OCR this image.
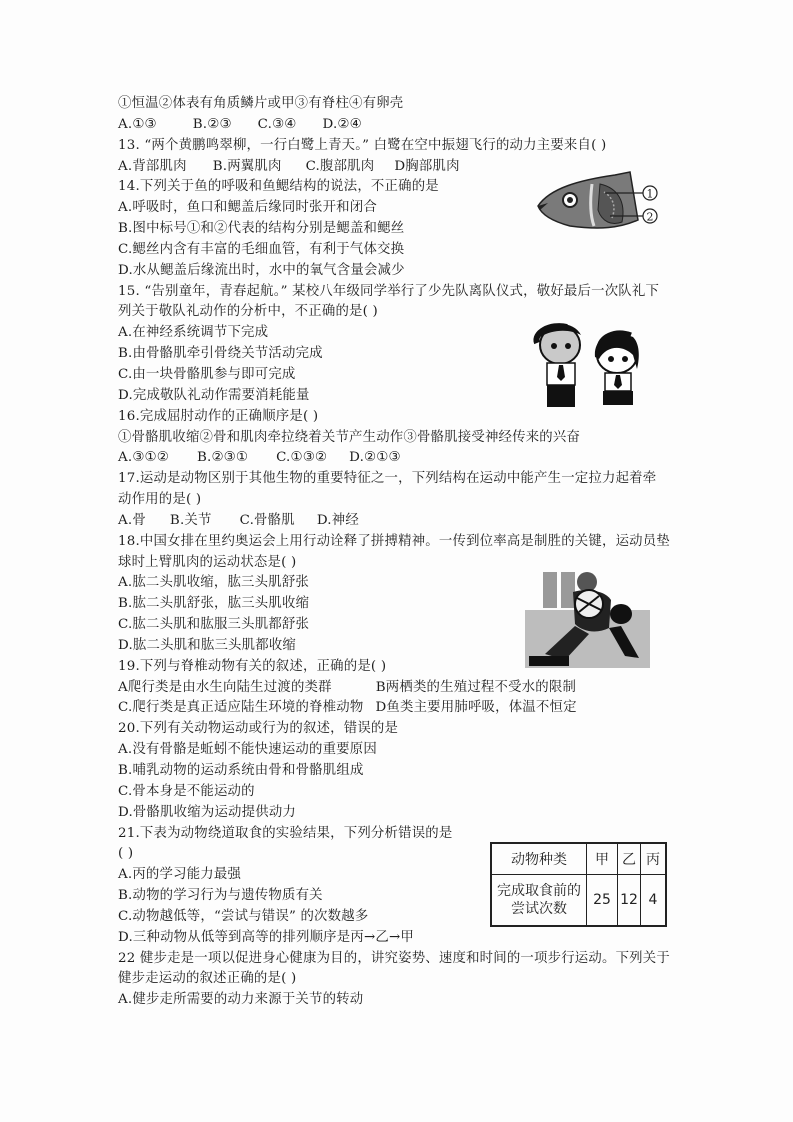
①恒温②体表有角质鳞片或甲③有脊柱④有卵壳
A.①③	B.②③ C.③④ D.②④
13. “两个黄鹏鸣翠柳，一行白鹭上青天。” 白鹭在空中振翅飞行的动力主要来自( )
A.背部肌肉 B.两翼肌肉 C.腹部肌肉 D胸部肌肉
14.下列关于鱼的呼吸和鱼鳃结构的说法，不正确的是
A.呼吸时，鱼口和鳃盖后缘同时张开和闭合
B.图中标号①和②代表的结构分别是鳃盖和鳃丝
C.鳃丝内含有丰富的毛细血管，有利于气体交换
D.水从鳃盖后缘流出时，水中的氧气含量会减少
15. “告别童年，青春起航。” 某校八年级同学举行了少先队离队仪式，敬好最后一次队礼下
列关于敬队礼动作的分析中，不正确的是( )
A.在神经系统调节下完成
B.由骨骼肌牵引骨绕关节活动完成
C.由一块骨骼肌参与即可完成
D.完成敬队礼动作需要消耗能量
16.完成屈肘动作的正确顺序是( )
①骨骼肌收缩②骨和肌肉牵拉绕着关节产生动作③骨骼肌接受神经传来的兴奋
A.③①② B.②③① C.①③② D.②①③
17.运动是动物区别于其他生物的重要特征之一，下列结构在运动中能产生一定拉力起着牵
动作用的是( )
A.骨 B.关节 C.骨骼肌 D.神经
18.中国女排在里约奥运会上用行动诠释了拼搏精神。一传到位率高是制胜的关键，运动员垫
球时上臂肌肉的运动状态是( )
A.肱二头肌收缩，肱三头肌舒张
B.肱二头肌舒张，肱三头肌收缩
C.肱二头肌和肱服三头肌都舒张
D.肱二头肌和肱三头肌都收缩
19.下列与脊椎动物有关的叙述，正确的是( )
A爬行类是由水生向陆生过渡的类群	B两栖类的生殖过程不受水的限制
C.爬行类是真正适应陆生环境的脊椎动物 D鱼类主要用肺呼吸，体温不恒定
20.下列有关动物运动或行为的叙述，错误的是
A.没有骨骼是蚯蚓不能快速运动的重要原因
B.哺乳动物的运动系统由骨和骨骼肌组成
C.骨本身是不能运动的
D.骨骼肌收缩为运动提供动力
21.下表为动物绕道取食的实验结果，下列分析错误的是
( )
A.丙的学习能力最强
B.动物的学习行为与遗传物质有关
C.动物越低等，“尝试与错误” 的次数越多
D.三种动物从低等到高等的排列顺序是丙→乙→甲
22 健步走是一项以促进身心健康为目的，讲究姿势、速度和时间的一项步行运动。下列关于
健步走运动的叙述正确的是( )
A.健步走所需要的动力来源于关节的转动
1
2
动物种类	甲	乙	丙

完成取食前的
尝试次数	25	12	4
